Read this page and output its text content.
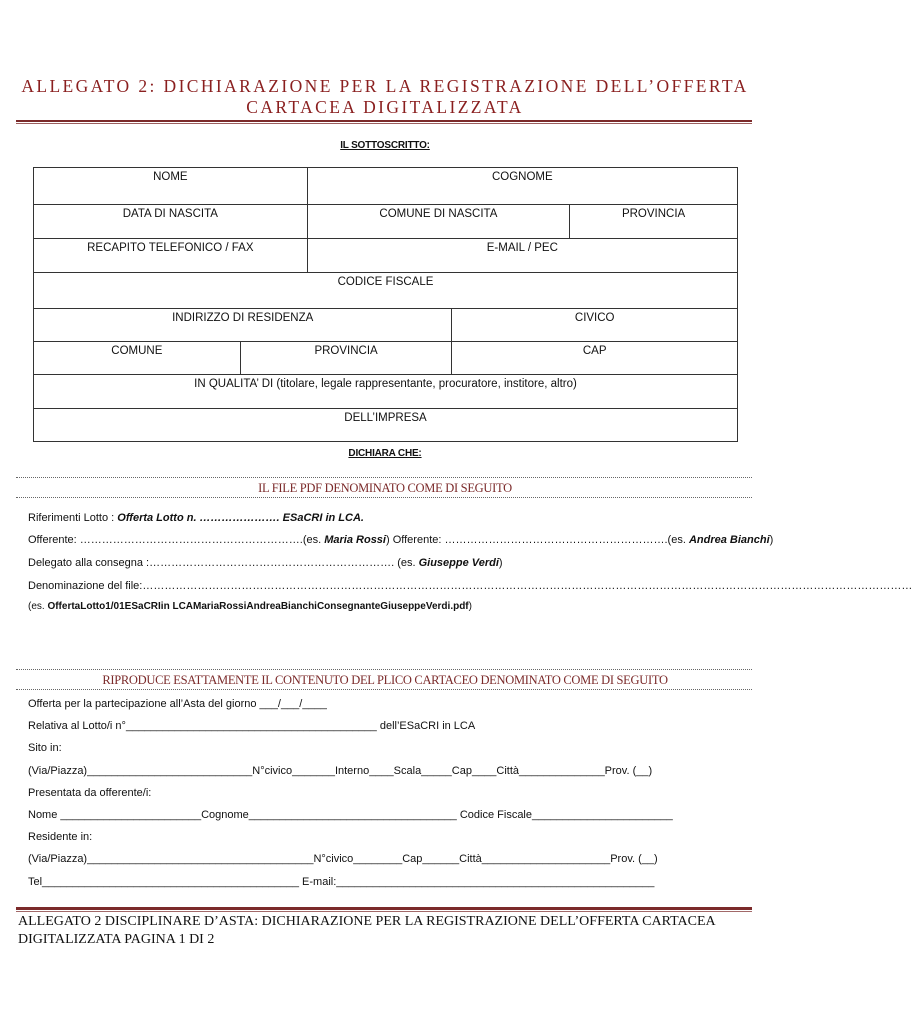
ALLEGATO 2: DICHIARAZIONE PER LA REGISTRAZIONE DELL’OFFERTA
CARTACEA DIGITALIZZATA
IL SOTTOSCRITTO:
NOME		COGNOME		
DATA DI NASCITA		COMUNE DI NASCITA		PROVINCIA
RECAPITO TELEFONICO / FAX		E-MAIL / PEC		
CODICE FISCALE				
INDIRIZZO DI RESIDENZA			CIVICO	
COMUNE	PROVINCIA		CAP	
IN QUALITA’ DI (titolare, legale rappresentante, procuratore, institore, altro)				
DELL’IMPRESA				
DICHIARA CHE:
IL FILE PDF DENOMINATO COME DI SEGUITO
Riferimenti Lotto : Offerta Lotto n. …………………. ESaCRI in LCA.
Offerente: …………………………………………………….(es. Maria Rossi) Offerente: …………………………………………………….(es. Andrea Bianchi)
Delegato alla consegna :…………………………………………………………. (es. Giuseppe Verdi)
Denominazione del file:…………………………………………………………………………………………………………………………………………………………………………………………
(es. OffertaLotto1/01ESaCRIin LCAMariaRossiAndreaBianchiConsegnanteGiuseppeVerdi.pdf)
RIPRODUCE ESATTAMENTE IL CONTENUTO DEL PLICO CARTACEO DENOMINATO COME DI SEGUITO
Offerta per la partecipazione all’Asta del giorno ___/___/____
Relativa al Lotto/i n°_________________________________________ dell’ESaCRI in LCA
Sito in:
(Via/Piazza)___________________________N°civico_______Interno____Scala_____Cap____Città______________Prov. (__)
Presentata da offerente/i:
Nome _______________________Cognome__________________________________ Codice Fiscale_______________________
Residente in:
(Via/Piazza)_____________________________________N°civico________Cap______Città_____________________Prov. (__)
Tel__________________________________________ E-mail:____________________________________________________
ALLEGATO 2 DISCIPLINARE D’ASTA: DICHIARAZIONE PER LA REGISTRAZIONE DELL’OFFERTA CARTACEA
DIGITALIZZATA PAGINA 1 DI 2
